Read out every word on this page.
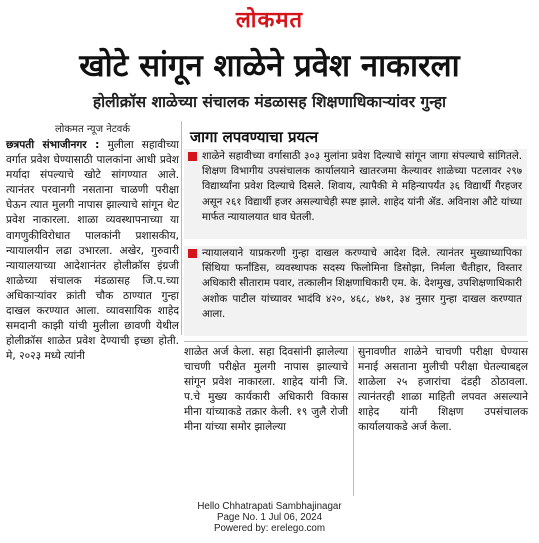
लोकमत
खोटे सांगून शाळेने प्रवेश नाकारला
होलीक्रॉस शाळेच्या संचालक मंडळासह शिक्षणाधिकाऱ्यांवर गुन्हा
लोकमत न्यूज नेटवर्क
छत्रपती संभाजीनगर : मुलीला सहावीच्या वर्गात प्रवेश घेण्यासाठी पालकांना आधी प्रवेश मर्यादा संपल्याचे खोटे सांगण्यात आले. त्यानंतर परवानगी नसताना चाळणी परीक्षा घेऊन त्यात मुलगी नापास झाल्याचे सांगून थेट प्रवेश नाकारला. शाळा व्यवस्थापनाच्या या वागणुकीविरोधात पालकांनी प्रशासकीय, न्यायालयीन लढा उभारला. अखेर, गुरुवारी न्यायालयाच्या आदेशानंतर होलीक्रॉस इंग्रजी शाळेच्या संचालक मंडळासह जि.प.च्या अधिकाऱ्यांवर क्रांती चौक ठाण्यात गुन्हा दाखल करण्यात आला. व्यावसायिक शाहेद समदानी काझी यांची मुलीला छावणी येथील होलीक्रॉस शाळेत प्रवेश देण्याची इच्छा होती. मे, २०२३ मध्ये त्यांनी
जागा लपवण्याचा प्रयत्न
शाळेने सहावीच्या वर्गासाठी ३०३ मुलांना प्रवेश दिल्याचे सांगून जागा संपल्याचे सांगितले. शिक्षण विभागीय उपसंचालक कार्यालयाने खातरजमा केल्यावर शाळेच्या पटलावर २९७ विद्यार्थ्यांना प्रवेश दिल्याचे दिसले. शिवाय, त्यापैकी मे महिन्यापर्यंत ३६ विद्यार्थी गैरहजर असून २६१ विद्यार्थी हजर असल्याचेही स्पष्ट झाले. शाहेद यांनी ॲड. अविनाश औटे यांच्या मार्फत न्यायालयात धाव घेतली.
न्यायालयाने याप्रकरणी गुन्हा दाखल करण्याचे आदेश दिले. त्यानंतर मुख्याध्यापिका सिंथिया फर्नांडिस, व्यवस्थापक सदस्य फिलोमिना डिसोझा, निर्मला चैतीहार, विस्तार अधिकारी सीताराम पवार, तत्कालीन शिक्षणाधिकारी एम. के. देशमुख, उपशिक्षणाधिकारी अशोक पाटील यांच्यावर भादंवि ४२०, ४६८, ४७१, ३४ नुसार गुन्हा दाखल करण्यात आला.
शाळेत अर्ज केला. सहा दिवसांनी झालेल्या चाचणी परीक्षेत मुलगी नापास झाल्याचे सांगून प्रवेश नाकारला. शाहेद यांनी जि. प.चे मुख्य कार्यकारी अधिकारी विकास मीना यांच्याकडे तक्रार केली. १९ जुलै रोजी मीना यांच्या समोर झालेल्या
सुनावणीत शाळेने चाचणी परीक्षा घेण्यास मनाई असताना मुलीची परीक्षा घेतल्याबद्दल शाळेला २५ हजारांचा दंडही ठोठावला. त्यानंतरही शाळा माहिती लपवत असल्याने शाहेद यांनी शिक्षण उपसंचालक कार्यालयाकडे अर्ज केला.
Hello Chhatrapati Sambhajinagar
Page No. 1 Jul 06, 2024
Powered by: erelego.com
